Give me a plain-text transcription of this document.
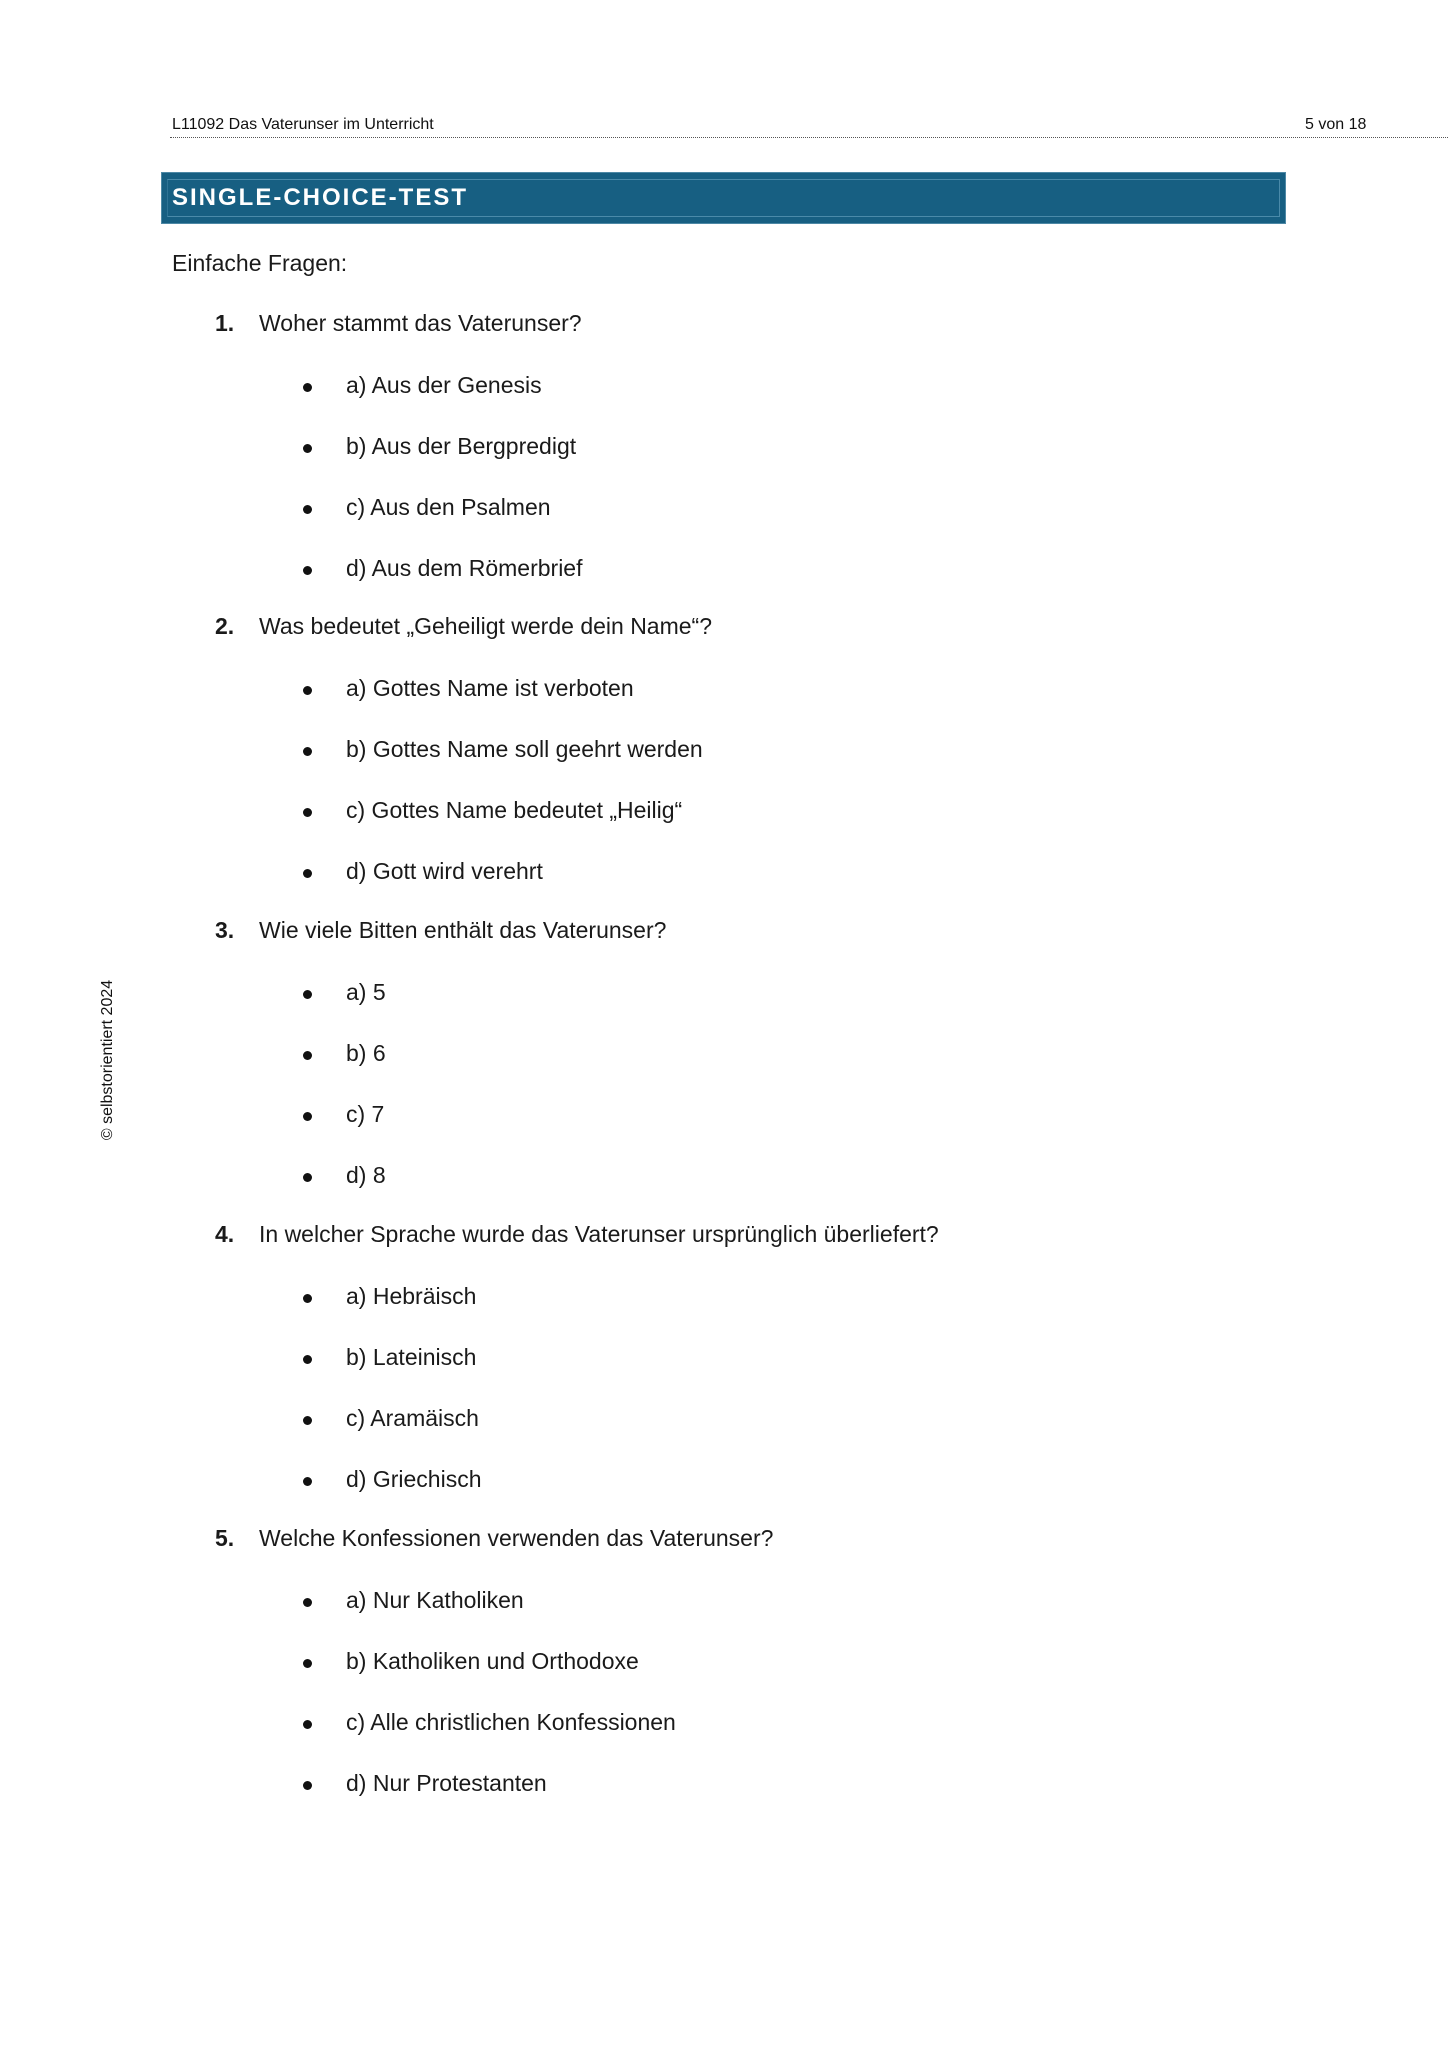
L11092 Das Vaterunser im Unterricht	5 von 18
SINGLE-CHOICE-TEST
Einfache Fragen:
1. Woher stammt das Vaterunser?
a) Aus der Genesis
b) Aus der Bergpredigt
c) Aus den Psalmen
d) Aus dem Römerbrief
2. Was bedeutet „Geheiligt werde dein Name“?
a) Gottes Name ist verboten
b) Gottes Name soll geehrt werden
c) Gottes Name bedeutet „Heilig“
d) Gott wird verehrt
3. Wie viele Bitten enthält das Vaterunser?
a) 5
b) 6
c) 7
d) 8
4. In welcher Sprache wurde das Vaterunser ursprünglich überliefert?
a) Hebräisch
b) Lateinisch
c) Aramäisch
d) Griechisch
5. Welche Konfessionen verwenden das Vaterunser?
a) Nur Katholiken
b) Katholiken und Orthodoxe
c) Alle christlichen Konfessionen
d) Nur Protestanten
© selbstorientiert 2024
